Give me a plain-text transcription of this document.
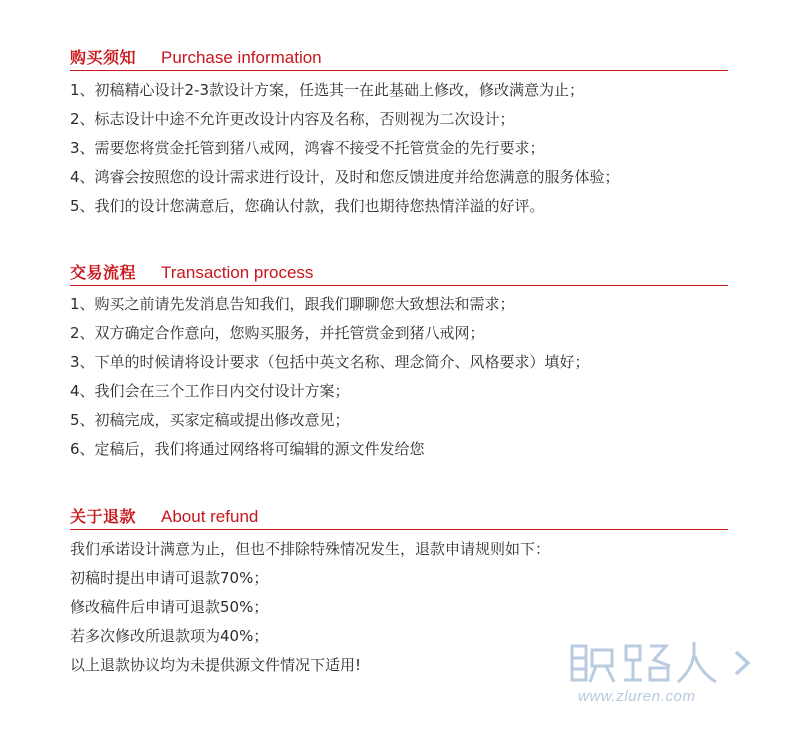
购买须知 Purchase information
1、初稿精心设计2-3款设计方案，任选其一在此基础上修改，修改满意为止；
2、标志设计中途不允许更改设计内容及名称，否则视为二次设计；
3、需要您将赏金托管到猪八戒网，鸿睿不接受不托管赏金的先行要求；
4、鸿睿会按照您的设计需求进行设计，及时和您反馈进度并给您满意的服务体验；
5、我们的设计您满意后，您确认付款，我们也期待您热情洋溢的好评。
交易流程 Transaction process
1、购买之前请先发消息告知我们，跟我们聊聊您大致想法和需求；
2、双方确定合作意向，您购买服务，并托管赏金到猪八戒网；
3、下单的时候请将设计要求（包括中英文名称、理念简介、风格要求）填好；
4、我们会在三个工作日内交付设计方案；
5、初稿完成，买家定稿或提出修改意见；
6、定稿后，我们将通过网络将可编辑的源文件发给您
关于退款 About refund
我们承诺设计满意为止，但也不排除特殊情况发生，退款申请规则如下：
初稿时提出申请可退款70%；
修改稿件后申请可退款50%；
若多次修改所退款项为40%；
以上退款协议均为未提供源文件情况下适用!
www.zluren.com
